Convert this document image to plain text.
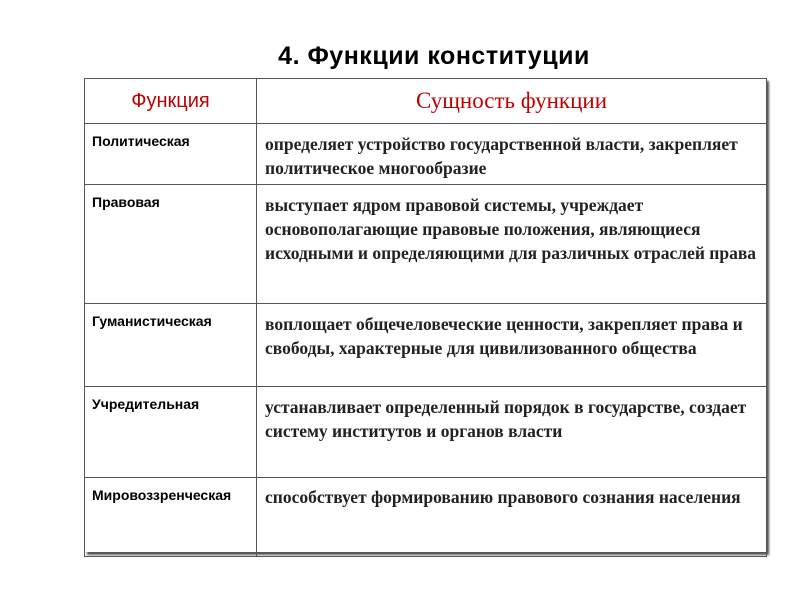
4. Функции конституции
Функция	Сущность функции
Политическая	определяет устройство государственной власти, закрепляет политическое многообразие
Правовая	выступает ядром правовой системы, учреждает основополагающие правовые положения, являющиеся исходными и определяющими для различных отраслей права
Гуманистическая	воплощает общечеловеческие ценности, закрепляет права и свободы, характерные для цивилизованного общества
Учредительная	устанавливает определенный порядок в государстве, создает систему институтов и органов власти
Мировоззренческая	способствует формированию правового сознания населения
